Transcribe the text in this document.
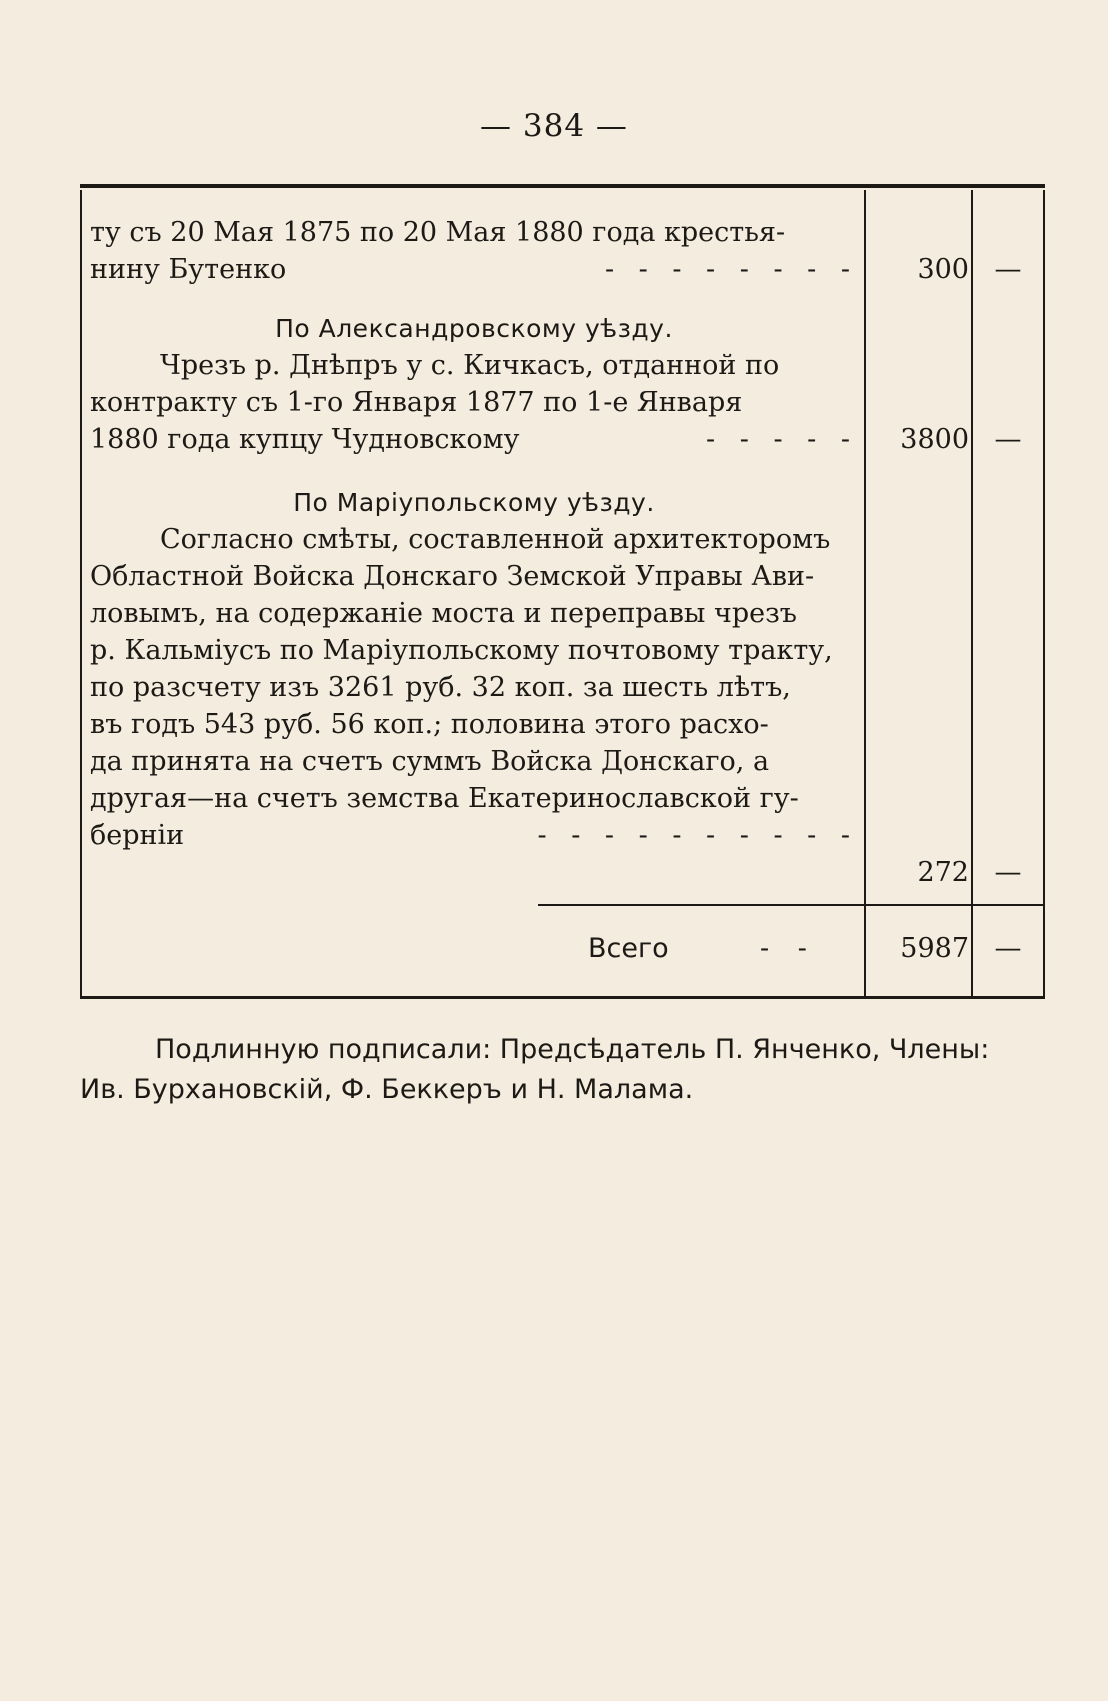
— 384 —
ту съ 20 Мая 1875 по 20 Мая 1880 года крестья-
нину Бутенко	- - - - - - - -	300 —
По Александровскому уѣзду.
Чрезъ р. Днѣпръ у с. Кичкасъ, отданной по
контракту съ 1-го Января 1877 по 1-е Января
1880 года купцу Чудновскому	- - - - -	3800 —
По Маріупольскому уѣзду.
Согласно смѣты, составленной архитекторомъ
Областной Войска Донскаго Земской Управы Ави-
ловымъ, на содержаніе моста и переправы чрезъ
р. Кальміусъ по Маріупольскому почтовому тракту,
по разсчету изъ 3261 руб. 32 коп. за шесть лѣтъ,
въ годъ 543 руб. 56 коп.; половина этого расхо-
да принята на счетъ суммъ Войска Донскаго, а
другая—на счетъ земства Екатеринославской гу-
берніи	- - - - - - - - - -
272 —
Всего	- -	5987 —
Подлинную подписали: Предсѣдатель П. Янченко, Члены:
Ив. Бурхановскій, Ф. Беккеръ и Н. Малама.
